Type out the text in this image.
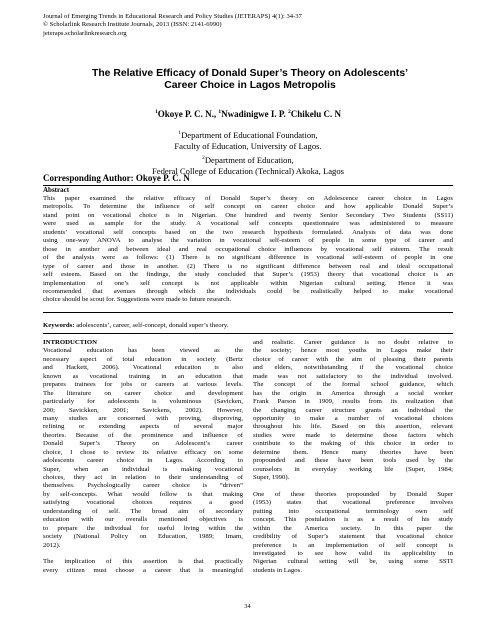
Journal of Emerging Trends in Educational Research and Policy Studies (JETERAPS) 4(1): 34-37
© Scholarlink Research Institute Journals, 2013 (ISSN: 2141-6990)
jeteraps.scholarlinkresearch.org
The Relative Efficacy of Donald Super’s Theory on Adolescents’
Career Choice in Lagos Metropolis
$^1$Okoye P. C. N., $^1$Nwadinigwe I. P. $^2$Chikelu C. N
$^1$Department of Educational Foundation,
Faculty of Education, University of Lagos.
$^2$Department of Education,
Federal College of Education (Technical) Akoka, Lagos
Corresponding Author: Okoye P. C. N
Abstract
This paper examined the relative efficacy of Donald Super’s theory on Adolescence career choice in Lagos
metropolis. To determine the influence of self concept on career choice and how applicable Donald Super’s
stand point on vocational choice is in Nigerian. One hundred and twenty Senior Secondary Two Students (SS11)
were used as sample for the study. A vocational self concepts questionnaire was administered to measure
students’ vocational self concepts based on the two research hypothesis formulated. Analysis of data was done
using one-way ANOVA to analyse the variation in vocational self-esteem of people in some type of career and
those in another and between ideal and real occupational choice influences by vocational self esteem. The result
of the analysis were as follows: (1) There is no significant difference in vocational self-esteem of people in one
type of career and those in another. (2) There is no significant difference between real and ideal occupational
self esteem. Based on the findings, the study concluded that Super’s (1953) theory that vocational choice is an
implementation of one’s self concept is not applicable within Nigerian cultural setting. Hence it was
recommended that avenues through which the individuals could be realistically helped to make vocational
choice should be scout for. Suggestions were made to future research.
Keywords: adolescents’, career, self-concept, donald super’s theory.
INTRODUCTION
Vocational education has been viewed as the
necessary aspect of total education in society (Bertz
and Hackett, 2006). Vocational education is also
known as vocational training in an education that
prepares trainees for jobs or careers at various levels.
The literature on career choice and development
particularly for adolescents is voluminous (Savicken,
200; Savickken, 2001; Savickens, 2002). However,
many studies are concerned with proving, disproving,
refining or extending aspects of several major
theories. Because of the prominence and influence of
Donald Super’s Theory on Adolescent’s career
choice, I chose to review its relative efficacy on some
adolescents career choice in Lagos. According to
Super, when an individual is making vocational
choices, they act in relation to their understanding of
themselves. Psychologically career choice is “driven”
by self-concepts. What would follow is that making
satisfying vocational choices requires a good
understanding of self. The broad aim of secondary
education with our overalls mentioned objectives is
to prepare the individual for useful living within the
society (National Policy on Education, 1989; Imam,
2012).
The implication of this assertion is that practically
every citizen must choose a career that is meaningful
and realistic. Career guidance is no doubt relative to
the society; hence most youths in Lagos make their
choice of career with the aim of pleasing their parents
and elders, notwithstanding if the vocational choice
made was not satisfactory to the individual involved.
The concept of the formal school guidance, which
has the origin in America through a social worker
Frank Parson in 1909, results from its realization that
the changing career structure grants an individual the
opportunity to make a number of vocational choices
throughout his life. Based on this assertion, relevant
studies were made to determine those factors which
contribute to the making of this choice in order to
determine them. Hence many theories have been
propounded and these have been tools used by the
counselors in everyday working life (Super, 1984;
Super, 1990).
One of these theories propounded by Donald Super
(1953) states that vocational preference involves
putting into occupational terminology own self
concept. This postulation is as a result of his study
within the America society. In this paper the
credibility of Super’s statement that vocational choice
preference is an implementation of self concept is
investigated to see how valid its applicability in
Nigerian cultural setting will be, using some SSTI
students in Lagos.
34
